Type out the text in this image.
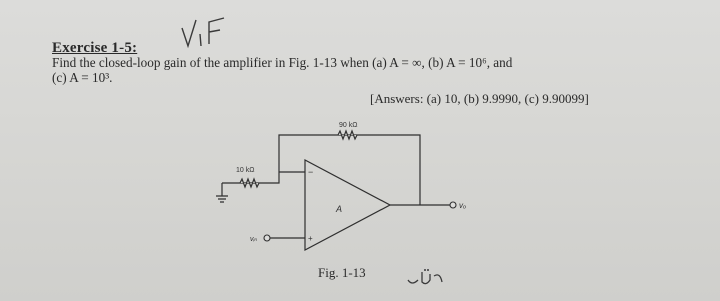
Exercise 1-5:
Find the closed-loop gain of the amplifier in Fig. 1-13 when (a) A = ∞, (b) A = 10⁶, and
(c) A = 10³.
[Answers: (a) 10, (b) 9.9990, (c) 9.90099]
90 kΩ
10 kΩ
A
vᵢₙ
vₒ
−
+
Fig. 1-13
